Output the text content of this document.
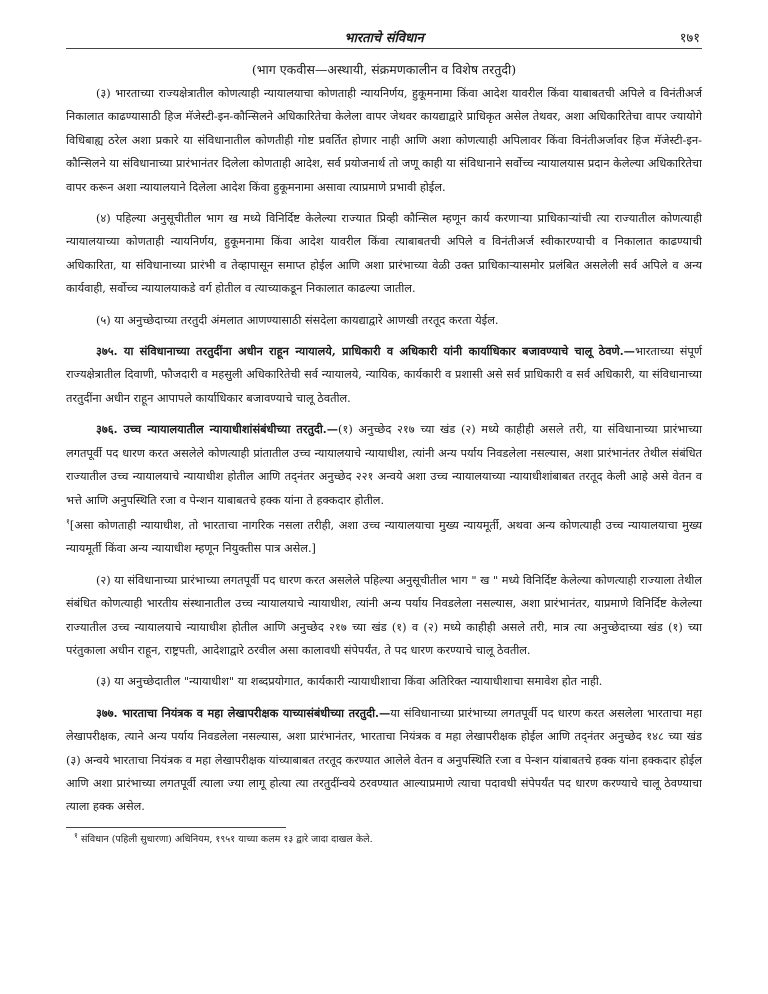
भारताचे संविधान	१७१
(भाग एकवीस—अस्थायी, संक्रमणकालीन व विशेष तरतुदी)

(३) भारताच्या राज्यक्षेत्रातील कोणत्याही न्यायालयाचा कोणताही न्यायनिर्णय, हुकूमनामा किंवा आदेश यावरील किंवा याबाबतची अपिले व विनंतीअर्ज निकालात काढण्यासाठी हिज मॅजेस्टी-इन-कौन्सिलने अधिकारितेचा केलेला वापर जेथवर कायद्याद्वारे प्राधिकृत असेल तेथवर, अशा अधिकारितेचा वापर ज्यायोगे विधिबाह्य ठरेल अशा प्रकारे या संविधानातील कोणतीही गोष्ट प्रवर्तित होणार नाही आणि अशा कोणत्याही अपिलावर किंवा विनंतीअर्जावर हिज मॅजेस्टी-इन-कौन्सिलने या संविधानाच्या प्रारंभानंतर दिलेला कोणताही आदेश, सर्व प्रयोजनार्थ तो जणू काही या संविधानाने सर्वोच्च न्यायालयास प्रदान केलेल्या अधिकारितेचा वापर करून अशा न्यायालयाने दिलेला आदेश किंवा हुकूमनामा असावा त्याप्रमाणे प्रभावी होईल.

(४) पहिल्या अनुसूचीतील भाग ख मध्ये विनिर्दिष्ट केलेल्या राज्यात प्रिव्ही कौन्सिल म्हणून कार्य करणाऱ्या प्राधिकाऱ्यांची त्या राज्यातील कोणत्याही न्यायालयाच्या कोणताही न्यायनिर्णय, हुकूमनामा किंवा आदेश यावरील किंवा त्याबाबतची अपिले व विनंतीअर्ज स्वीकारण्याची व निकालात काढण्याची अधिकारिता, या संविधानाच्या प्रारंभी व तेव्हापासून समाप्त होईल आणि अशा प्रारंभाच्या वेळी उक्त प्राधिकाऱ्यासमोर प्रलंबित असलेली सर्व अपिले व अन्य कार्यवाही, सर्वोच्च न्यायालयाकडे वर्ग होतील व त्याच्याकडून निकालात काढल्या जातील.

(५) या अनुच्छेदाच्या तरतुदी अंमलात आणण्यासाठी संसदेला कायद्याद्वारे आणखी तरतूद करता येईल.

३७५. या संविधानाच्या तरतुदींना अधीन राहून न्यायालये, प्राधिकारी व अधिकारी यांनी कार्याधिकार बजावण्याचे चालू ठेवणे.—भारताच्या संपूर्ण राज्यक्षेत्रातील दिवाणी, फौजदारी व महसुली अधिकारितेची सर्व न्यायालये, न्यायिक, कार्यकारी व प्रशासी असे सर्व प्राधिकारी व सर्व अधिकारी, या संविधानाच्या तरतुदींना अधीन राहून आपापले कार्याधिकार बजावण्याचे चालू ठेवतील.

३७६. उच्च न्यायालयातील न्यायाधीशांसंबंधीच्या तरतुदी.—(१) अनुच्छेद २१७ च्या खंड (२) मध्ये काहीही असले तरी, या संविधानाच्या प्रारंभाच्या लगतपूर्वी पद धारण करत असलेले कोणत्याही प्रांतातील उच्च न्यायालयाचे न्यायाधीश, त्यांनी अन्य पर्याय निवडलेला नसल्यास, अशा प्रारंभानंतर तेथील संबंधित राज्यातील उच्च न्यायालयाचे न्यायाधीश होतील आणि तद्नंतर अनुच्छेद २२१ अन्वये अशा उच्च न्यायालयाच्या न्यायाधीशांबाबत तरतूद केली आहे असे वेतन व भत्ते आणि अनुपस्थिति रजा व पेन्शन याबाबतचे हक्क यांना ते हक्कदार होतील.

$^१$[असा कोणताही न्यायाधीश, तो भारताचा नागरिक नसला तरीही, अशा उच्च न्यायालयाचा मुख्य न्यायमूर्ती, अथवा अन्य कोणत्याही उच्च न्यायालयाचा मुख्य न्यायमूर्ती किंवा अन्य न्यायाधीश म्हणून नियुक्तीस पात्र असेल.]

(२) या संविधानाच्या प्रारंभाच्या लगतपूर्वी पद धारण करत असलेले पहिल्या अनुसूचीतील भाग " ख " मध्ये विनिर्दिष्ट केलेल्या कोणत्याही राज्याला तेथील संबंधित कोणत्याही भारतीय संस्थानातील उच्च न्यायालयाचे न्यायाधीश, त्यांनी अन्य पर्याय निवडलेला नसल्यास, अशा प्रारंभानंतर, याप्रमाणे विनिर्दिष्ट केलेल्या राज्यातील उच्च न्यायालयाचे न्यायाधीश होतील आणि अनुच्छेद २१७ च्या खंड (१) व (२) मध्ये काहीही असले तरी, मात्र त्या अनुच्छेदाच्या खंड (१) च्या परंतुकाला अधीन राहून, राष्ट्रपती, आदेशाद्वारे ठरवील असा कालावधी संपेपर्यंत, ते पद धारण करण्याचे चालू ठेवतील.

(३) या अनुच्छेदातील "न्यायाधीश" या शब्दप्रयोगात, कार्यकारी न्यायाधीशाचा किंवा अतिरिक्त न्यायाधीशाचा समावेश होत नाही.

३७७. भारताचा नियंत्रक व महा लेखापरीक्षक याच्यासंबंधीच्या तरतुदी.—या संविधानाच्या प्रारंभाच्या लगतपूर्वी पद धारण करत असलेला भारताचा महा लेखापरीक्षक, त्याने अन्य पर्याय निवडलेला नसल्यास, अशा प्रारंभानंतर, भारताचा नियंत्रक व महा लेखापरीक्षक होईल आणि तद्नंतर अनुच्छेद १४८ च्या खंड (३) अन्वये भारताचा नियंत्रक व महा लेखापरीक्षक यांच्याबाबत तरतूद करण्यात आलेले वेतन व अनुपस्थिति रजा व पेन्शन यांबाबतचे हक्क यांना हक्कदार होईल आणि अशा प्रारंभाच्या लगतपूर्वी त्याला ज्या लागू होत्या त्या तरतुदींन्वये ठरवण्यात आल्याप्रमाणे त्याचा पदावधी संपेपर्यंत पद धारण करण्याचे चालू ठेवण्याचा त्याला हक्क असेल.

$^१$ संविधान (पहिली सुधारणा) अधिनियम, १९५१ याच्या कलम १३ द्वारे जादा दाखल केले.
